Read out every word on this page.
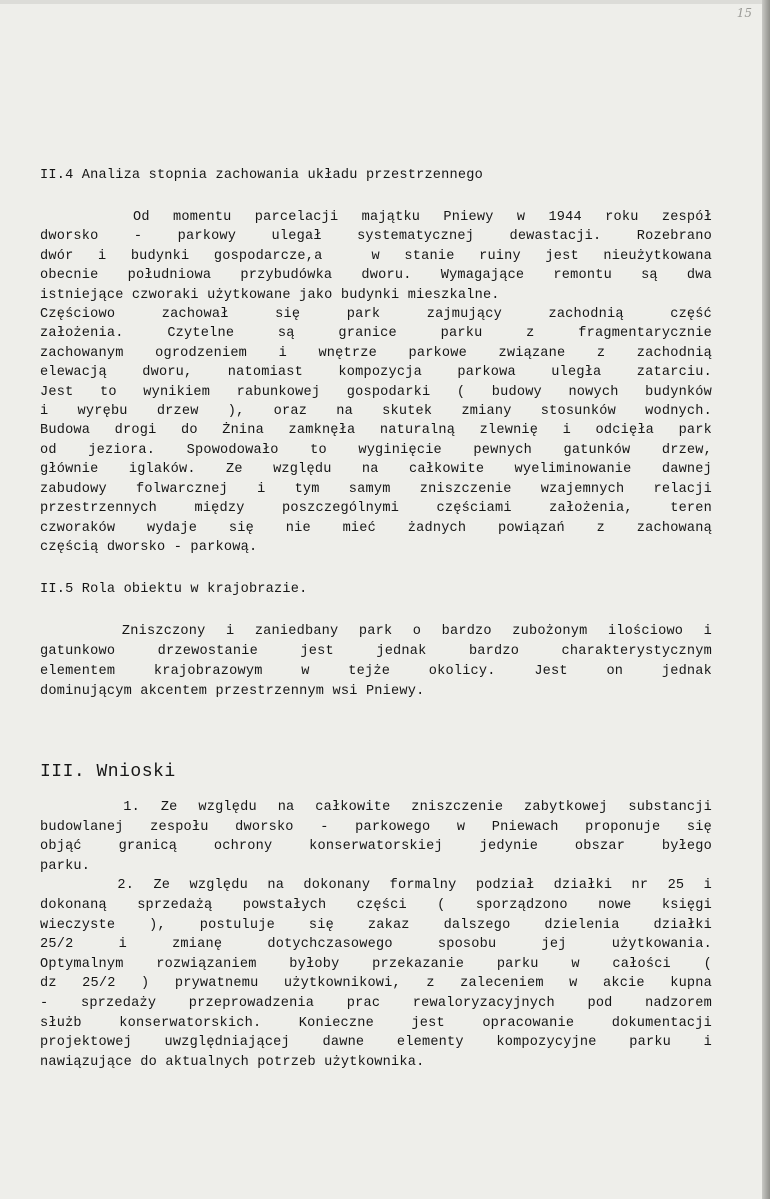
15
II.4 Analiza stopnia zachowania układu przestrzennego
Od momentu parcelacji majątku Pniewy w 1944 roku zespół
dworsko - parkowy ulegał systematycznej dewastacji. Rozebrano
dwór i budynki gospodarcze,a  w stanie ruiny jest nieużytkowana
obecnie południowa przybudówka dworu. Wymagające remontu są dwa
istniejące czworaki użytkowane jako budynki mieszkalne.
Częściowo zachował się park zajmujący zachodnią część
założenia. Czytelne są granice parku z fragmentarycznie
zachowanym ogrodzeniem i wnętrze parkowe związane z zachodnią
elewacją dworu, natomiast kompozycja parkowa uległa zatarciu.
Jest to wynikiem rabunkowej gospodarki ( budowy nowych budynków
i wyrębu drzew ), oraz na skutek zmiany stosunków wodnych.
Budowa drogi do Żnina zamknęła naturalną zlewnię i odcięła park
od jeziora. Spowodowało to wyginięcie pewnych gatunków drzew,
głównie iglaków. Ze względu na całkowite wyeliminowanie dawnej
zabudowy folwarcznej i tym samym zniszczenie wzajemnych relacji
przestrzennych między poszczególnymi częściami założenia, teren
czworaków wydaje się nie mieć żadnych powiązań z zachowaną
częścią dworsko - parkową.
II.5 Rola obiektu w krajobrazie.
Zniszczony i zaniedbany park o bardzo zubożonym ilościowo i
gatunkowo drzewostanie jest jednak bardzo charakterystycznym
elementem krajobrazowym w tejże okolicy. Jest on jednak
dominującym akcentem przestrzennym wsi Pniewy.
III. Wnioski
1. Ze względu na całkowite zniszczenie zabytkowej substancji
budowlanej zespołu dworsko - parkowego w Pniewach proponuje się
objąć granicą ochrony konserwatorskiej jedynie obszar byłego
parku.
2. Ze względu na dokonany formalny podział działki nr 25 i
dokonaną sprzedażą powstałych części ( sporządzono nowe księgi
wieczyste ), postuluje się zakaz dalszego dzielenia działki
25/2 i zmianę dotychczasowego sposobu jej użytkowania.
Optymalnym rozwiązaniem byłoby przekazanie parku w całości (
dz 25/2 ) prywatnemu użytkownikowi, z zaleceniem w akcie kupna
- sprzedaży przeprowadzenia prac rewaloryzacyjnych pod nadzorem
służb konserwatorskich. Konieczne jest opracowanie dokumentacji
projektowej uwzględniającej dawne elementy kompozycyjne parku i
nawiązujące do aktualnych potrzeb użytkownika.
